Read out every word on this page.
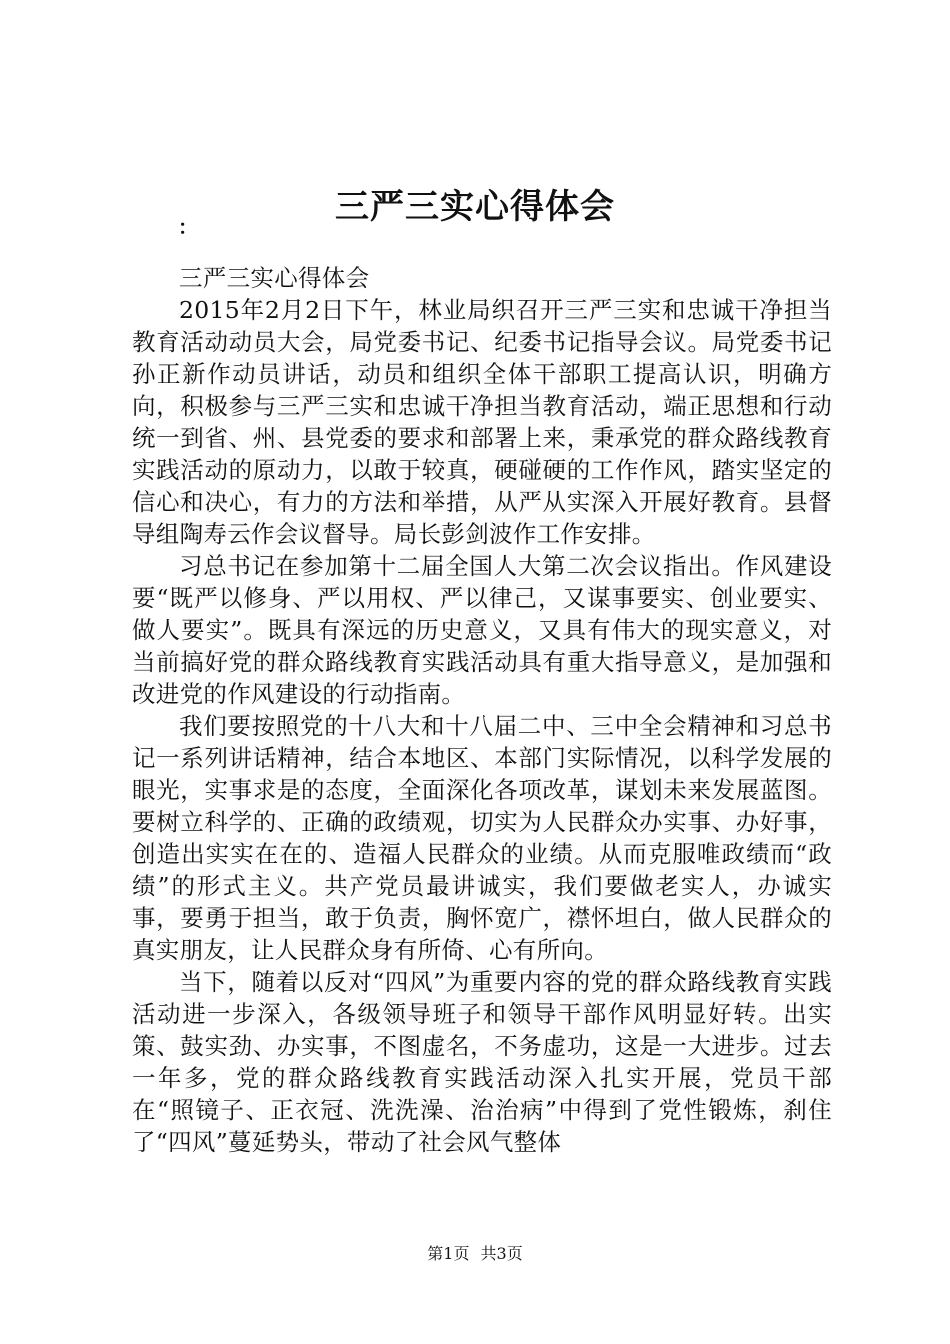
三严三实心得体会
：

三严三实心得体会

2015年2月2日下午，林业局织召开三严三实和忠诚干净担当教育活动动员大会，局党委书记、纪委书记指导会议。局党委书记孙正新作动员讲话，动员和组织全体干部职工提高认识，明确方向，积极参与三严三实和忠诚干净担当教育活动，端正思想和行动统一到省、州、县党委的要求和部署上来，秉承党的群众路线教育实践活动的原动力，以敢于较真，硬碰硬的工作作风，踏实坚定的信心和决心，有力的方法和举措，从严从实深入开展好教育。县督导组陶寿云作会议督导。局长彭剑波作工作安排。

习总书记在参加第十二届全国人大第二次会议指出。作风建设要“既严以修身、严以用权、严以律己，又谋事要实、创业要实、做人要实”。既具有深远的历史意义，又具有伟大的现实意义，对当前搞好党的群众路线教育实践活动具有重大指导意义，是加强和改进党的作风建设的行动指南。

我们要按照党的十八大和十八届二中、三中全会精神和习总书记一系列讲话精神，结合本地区、本部门实际情况，以科学发展的眼光，实事求是的态度，全面深化各项改革，谋划未来发展蓝图。要树立科学的、正确的政绩观，切实为人民群众办实事、办好事，创造出实实在在的、造福人民群众的业绩。从而克服唯政绩而“政绩”的形式主义。共产党员最讲诚实，我们要做老实人，办诚实事，要勇于担当，敢于负责，胸怀宽广，襟怀坦白，做人民群众的真实朋友，让人民群众身有所倚、心有所向。

当下，随着以反对“四风”为重要内容的党的群众路线教育实践活动进一步深入，各级领导班子和领导干部作风明显好转。出实策、鼓实劲、办实事，不图虚名，不务虚功，这是一大进步。过去一年多，党的群众路线教育实践活动深入扎实开展，党员干部在“照镜子、正衣冠、洗洗澡、治治病”中得到了党性锻炼，刹住了“四风”蔓延势头，带动了社会风气整体

第1页 共3页
